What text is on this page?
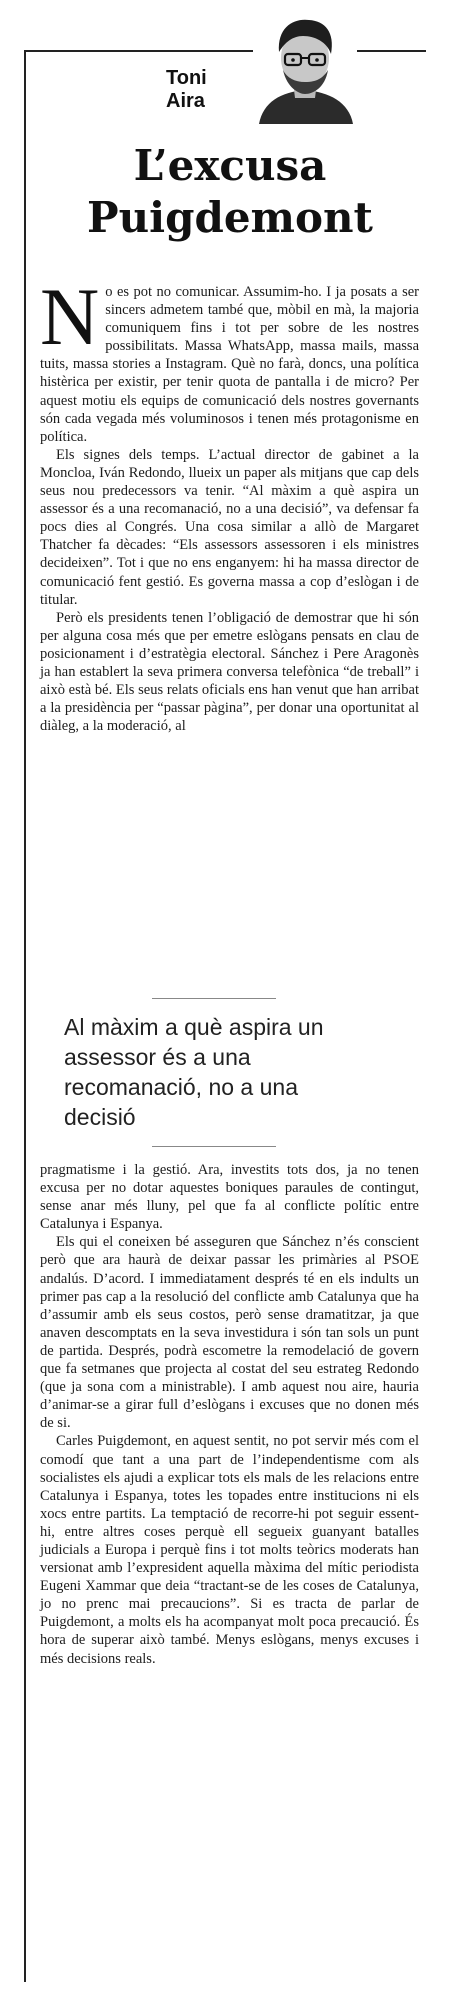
Toni
Aira
L’excusa
Puigdemont

No es pot no comunicar. Assumim-ho. I ja posats a ser sincers admetem també que, mòbil en mà, la majoria comuniquem fins i tot per sobre de les nostres possibilitats. Massa WhatsApp, massa mails, massa tuits, massa stories a Instagram. Què no farà, doncs, una política histèrica per existir, per tenir quota de pantalla i de micro? Per aquest motiu els equips de comunicació dels nostres governants són cada vegada més voluminosos i tenen més protagonisme en política.

Els signes dels temps. L’actual director de gabinet a la Moncloa, Iván Redondo, lluеix un paper als mitjans que cap dels seus nou predecessors va tenir. “Al màxim a què aspira un assessor és a una recomanació, no a una decisió”, va defensar fa pocs dies al Congrés. Una cosa similar a allò de Margaret Thatcher fa dècades: “Els assessors assessoren i els ministres decideixen”. Tot i que no ens enganyem: hi ha massa director de comunicació fent gestió. Es governa massa a cop d’eslògan i de titular.

Però els presidents tenen l’obligació de demostrar que hi són per alguna cosa més que per emetre eslògans pensats en clau de posicionament i d’estratègia electoral. Sánchez i Pere Aragonès ja han establert la seva primera conversa telefònica “de treball” i això està bé. Els seus relats oficials ens han venut que han arribat a la presidència per “passar pàgina”, per donar una oportunitat al diàleg, a la moderació, al

Al màxim a què aspira un assessor és a una recomanació, no a una decisió

pragmatisme i la gestió. Ara, investits tots dos, ja no tenen excusa per no dotar aquestes boniques paraules de contingut, sense anar més lluny, pel que fa al conflicte polític entre Catalunya i Espanya.

Els qui el coneixen bé asseguren que Sánchez n’és conscient però que ara haurà de deixar passar les primàries al PSOE andalús. D’acord. I immediatament després té en els indults un primer pas cap a la resolució del conflicte amb Catalunya que ha d’assumir amb els seus costos, però sense dramatitzar, ja que anaven descomptats en la seva investidura i són tan sols un punt de partida. Després, podrà escometre la remodelació de govern que fa setmanes que projecta al costat del seu estrateg Redondo (que ja sona com a ministrable). I amb aquest nou aire, hauria d’animar-se a girar full d’eslògans i excuses que no donen més de si.

Carles Puigdemont, en aquest sentit, no pot servir més com el comodí que tant a una part de l’independentisme com als socialistes els ajudi a explicar tots els mals de les relacions entre Catalunya i Espanya, totes les topades entre institucions ni els xocs entre partits. La temptació de recorre-hi pot seguir essent-hi, entre altres coses perquè ell segueix guanyant batalles judicials a Europa i perquè fins i tot molts teòrics moderats han versionat amb l’expresident aquella màxima del mític periodista Eugeni Xammar que deia “tractant-se de les coses de Catalunya, jo no prenc mai precaucions”. Si es tracta de parlar de Puigdemont, a molts els ha acompanyat molt poca precaució. És hora de superar això també. Menys eslògans, menys excuses i més decisions reals.
